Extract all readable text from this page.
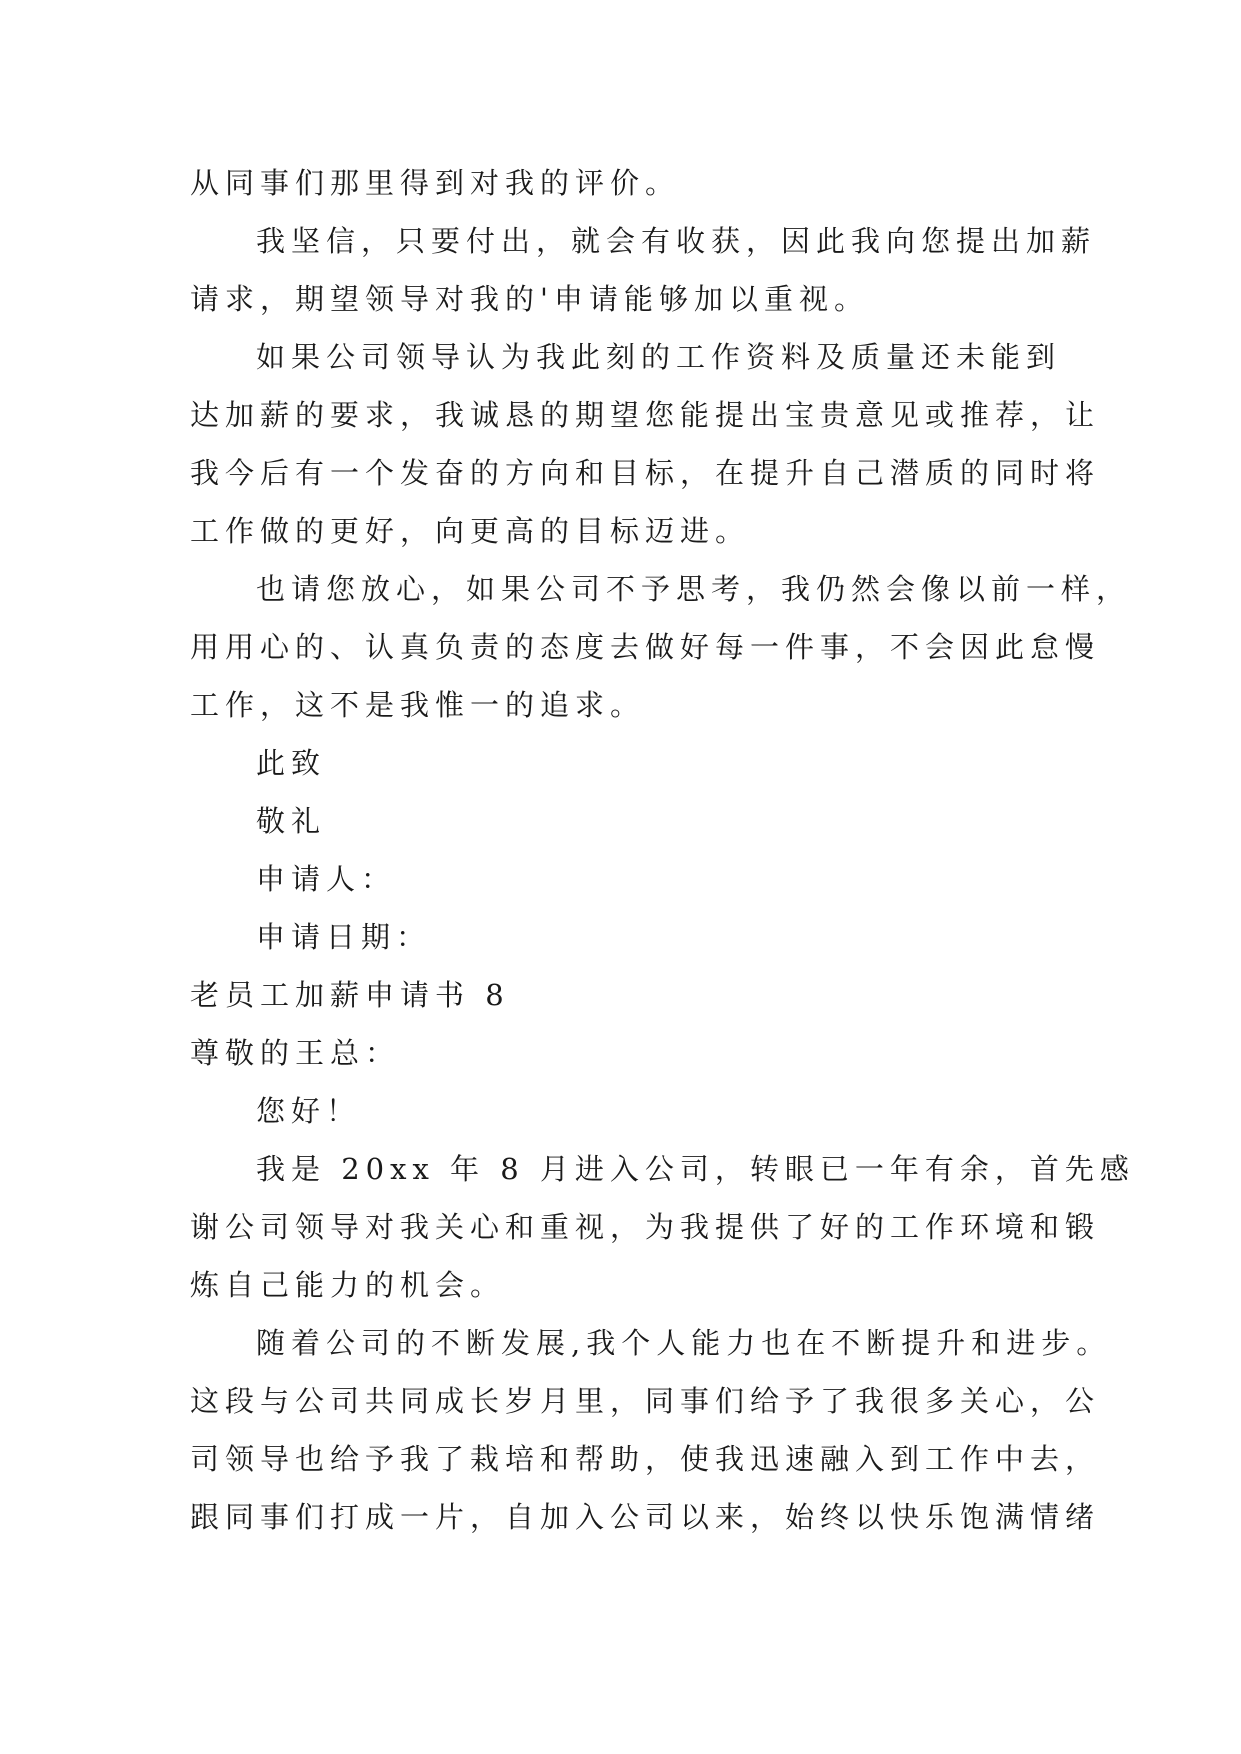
从同事们那里得到对我的评价。
我坚信，只要付出，就会有收获，因此我向您提出加薪
请求，期望领导对我的'申请能够加以重视。
如果公司领导认为我此刻的工作资料及质量还未能到
达加薪的要求，我诚恳的期望您能提出宝贵意见或推荐，让
我今后有一个发奋的方向和目标，在提升自己潜质的同时将
工作做的更好，向更高的目标迈进。
也请您放心，如果公司不予思考，我仍然会像以前一样，
用用心的、认真负责的态度去做好每一件事，不会因此怠慢
工作，这不是我惟一的追求。
此致
敬礼
申请人：
申请日期：
老员工加薪申请书 8
尊敬的王总：
您好！
我是 20xx 年 8 月进入公司，转眼已一年有余，首先感
谢公司领导对我关心和重视，为我提供了好的工作环境和锻
炼自己能力的机会。
随着公司的不断发展,我个人能力也在不断提升和进步。
这段与公司共同成长岁月里，同事们给予了我很多关心，公
司领导也给予我了栽培和帮助，使我迅速融入到工作中去，
跟同事们打成一片，自加入公司以来，始终以快乐饱满情绪
